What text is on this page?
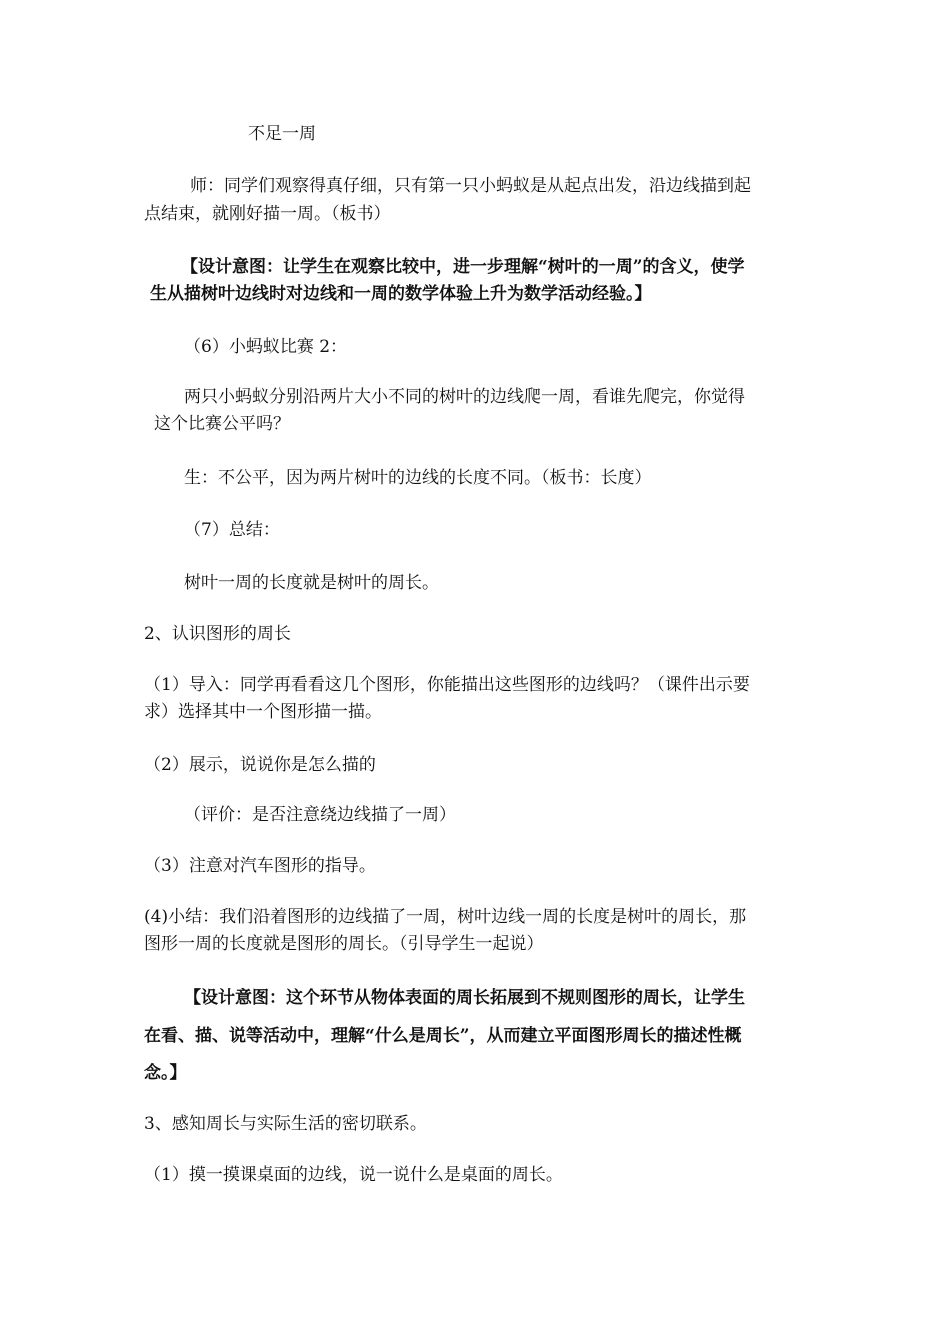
不足一周

师：同学们观察得真仔细，只有第一只小蚂蚁是从起点出发，沿边线描到起

点结束，就刚好描一周。（板书）

【设计意图：让学生在观察比较中，进一步理解“树叶的一周”的含义，使学

生从描树叶边线时对边线和一周的数学体验上升为数学活动经验。】

（6）小蚂蚁比赛 2：

两只小蚂蚁分别沿两片大小不同的树叶的边线爬一周，看谁先爬完，你觉得

这个比赛公平吗？

生：不公平，因为两片树叶的边线的长度不同。（板书：长度）

（7）总结：

树叶一周的长度就是树叶的周长。

2、认识图形的周长

（1）导入：同学再看看这几个图形，你能描出这些图形的边线吗？（课件出示要

求）选择其中一个图形描一描。

（2）展示，说说你是怎么描的

（评价：是否注意绕边线描了一周）

（3）注意对汽车图形的指导。

(4)小结：我们沿着图形的边线描了一周，树叶边线一周的长度是树叶的周长，那

图形一周的长度就是图形的周长。（引导学生一起说）

【设计意图：这个环节从物体表面的周长拓展到不规则图形的周长，让学生

在看、描、说等活动中，理解“什么是周长”，从而建立平面图形周长的描述性概

念。】

3、感知周长与实际生活的密切联系。

（1）摸一摸课桌面的边线，说一说什么是桌面的周长。
